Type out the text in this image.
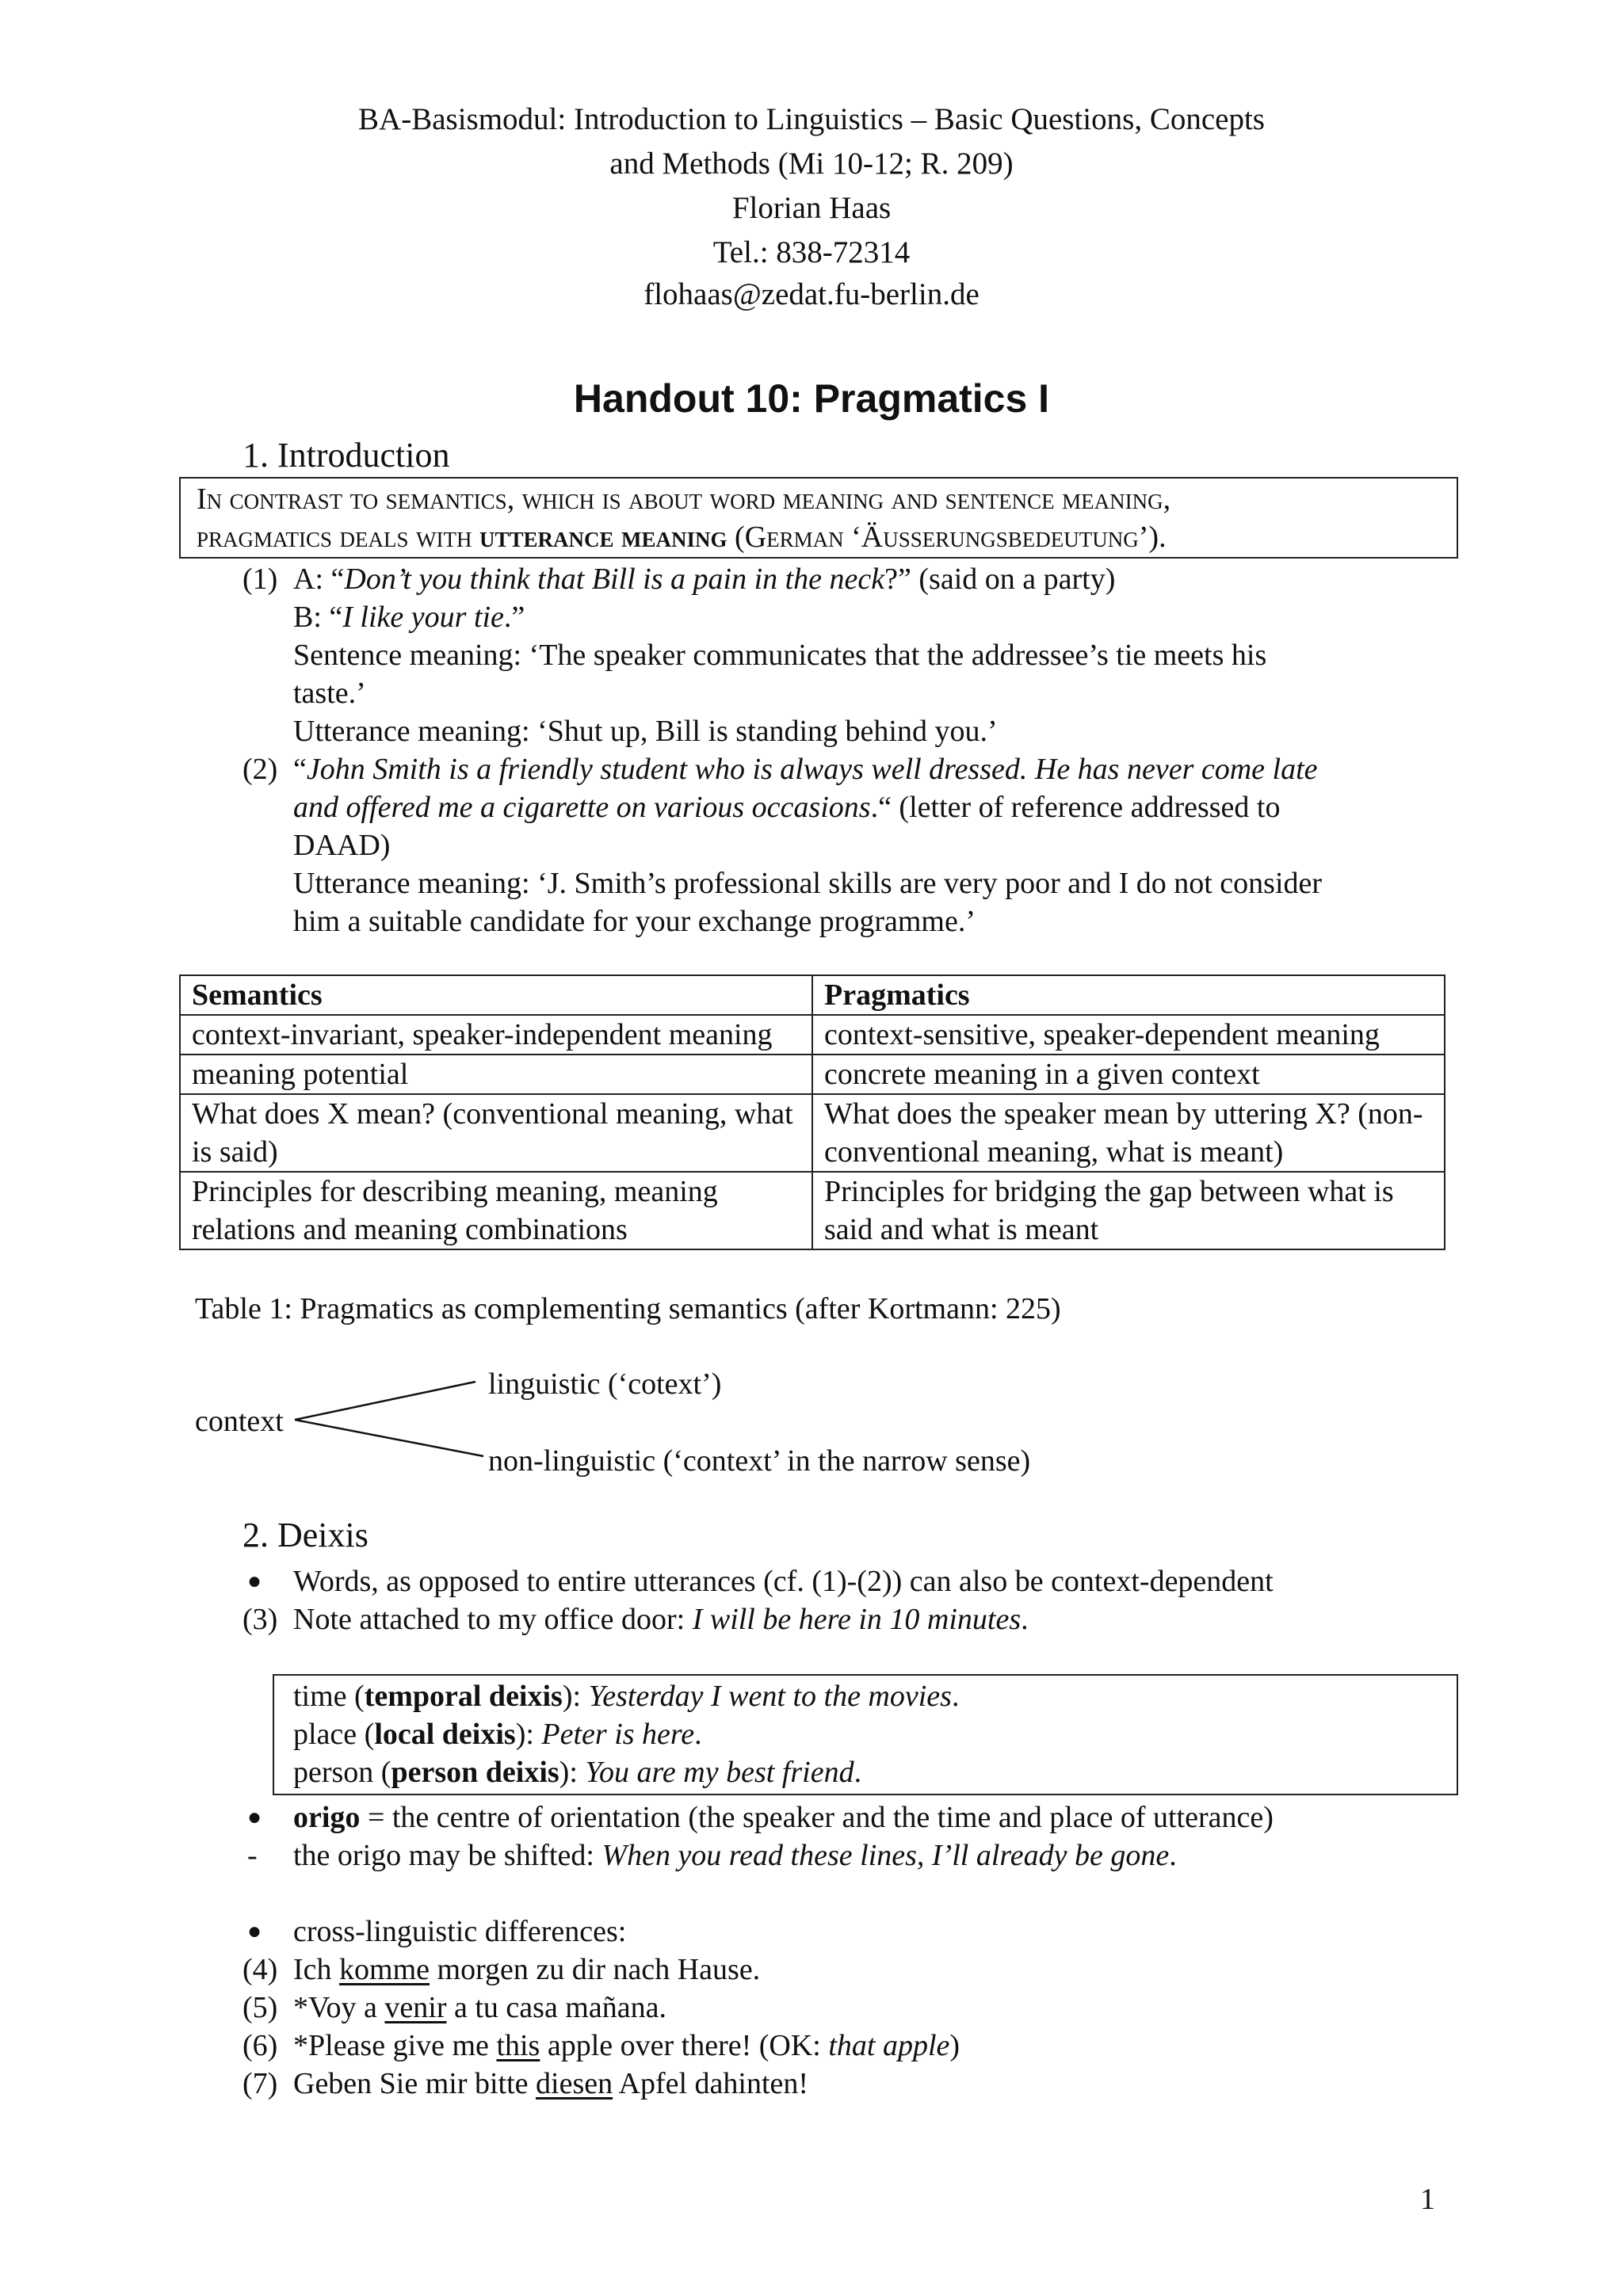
BA-Basismodul: Introduction to Linguistics – Basic Questions, Concepts
and Methods (Mi 10-12; R. 209)
Florian Haas
Tel.: 838-72314
flohaas@zedat.fu-berlin.de
Handout 10: Pragmatics I
1. Introduction
In contrast to semantics, which is about word meaning and sentence meaning,
pragmatics deals with utterance meaning (German ‘Äußerungsbedeutung’).
(1) A: “Don’t you think that Bill is a pain in the neck?” (said on a party)
B: “I like your tie.”
Sentence meaning: ‘The speaker communicates that the addressee’s tie meets his
taste.’
Utterance meaning: ‘Shut up, Bill is standing behind you.’
(2) “John Smith is a friendly student who is always well dressed. He has never come late
and offered me a cigarette on various occasions.“ (letter of reference addressed to
DAAD)
Utterance meaning: ‘J. Smith’s professional skills are very poor and I do not consider
him a suitable candidate for your exchange programme.’
Semantics	Pragmatics
context-invariant, speaker-independent meaning	context-sensitive, speaker-dependent meaning
meaning potential	concrete meaning in a given context
What does X mean? (conventional meaning, what is said)	What does the speaker mean by uttering X? (non-conventional meaning, what is meant)
Principles for describing meaning, meaning relations and meaning combinations	Principles for bridging the gap between what is said and what is meant
Table 1: Pragmatics as complementing semantics (after Kortmann: 225)
linguistic (‘cotext’)
context
non-linguistic (‘context’ in the narrow sense)
2. Deixis
● Words, as opposed to entire utterances (cf. (1)-(2)) can also be context-dependent
(3) Note attached to my office door: I will be here in 10 minutes.
time (temporal deixis): Yesterday I went to the movies.
place (local deixis): Peter is here.
person (person deixis): You are my best friend.
● origo = the centre of orientation (the speaker and the time and place of utterance)
- the origo may be shifted: When you read these lines, I’ll already be gone.
● cross-linguistic differences:
(4) Ich komme morgen zu dir nach Hause.
(5) *Voy a venir a tu casa mañana.
(6) *Please give me this apple over there! (OK: that apple)
(7) Geben Sie mir bitte diesen Apfel dahinten!
1
